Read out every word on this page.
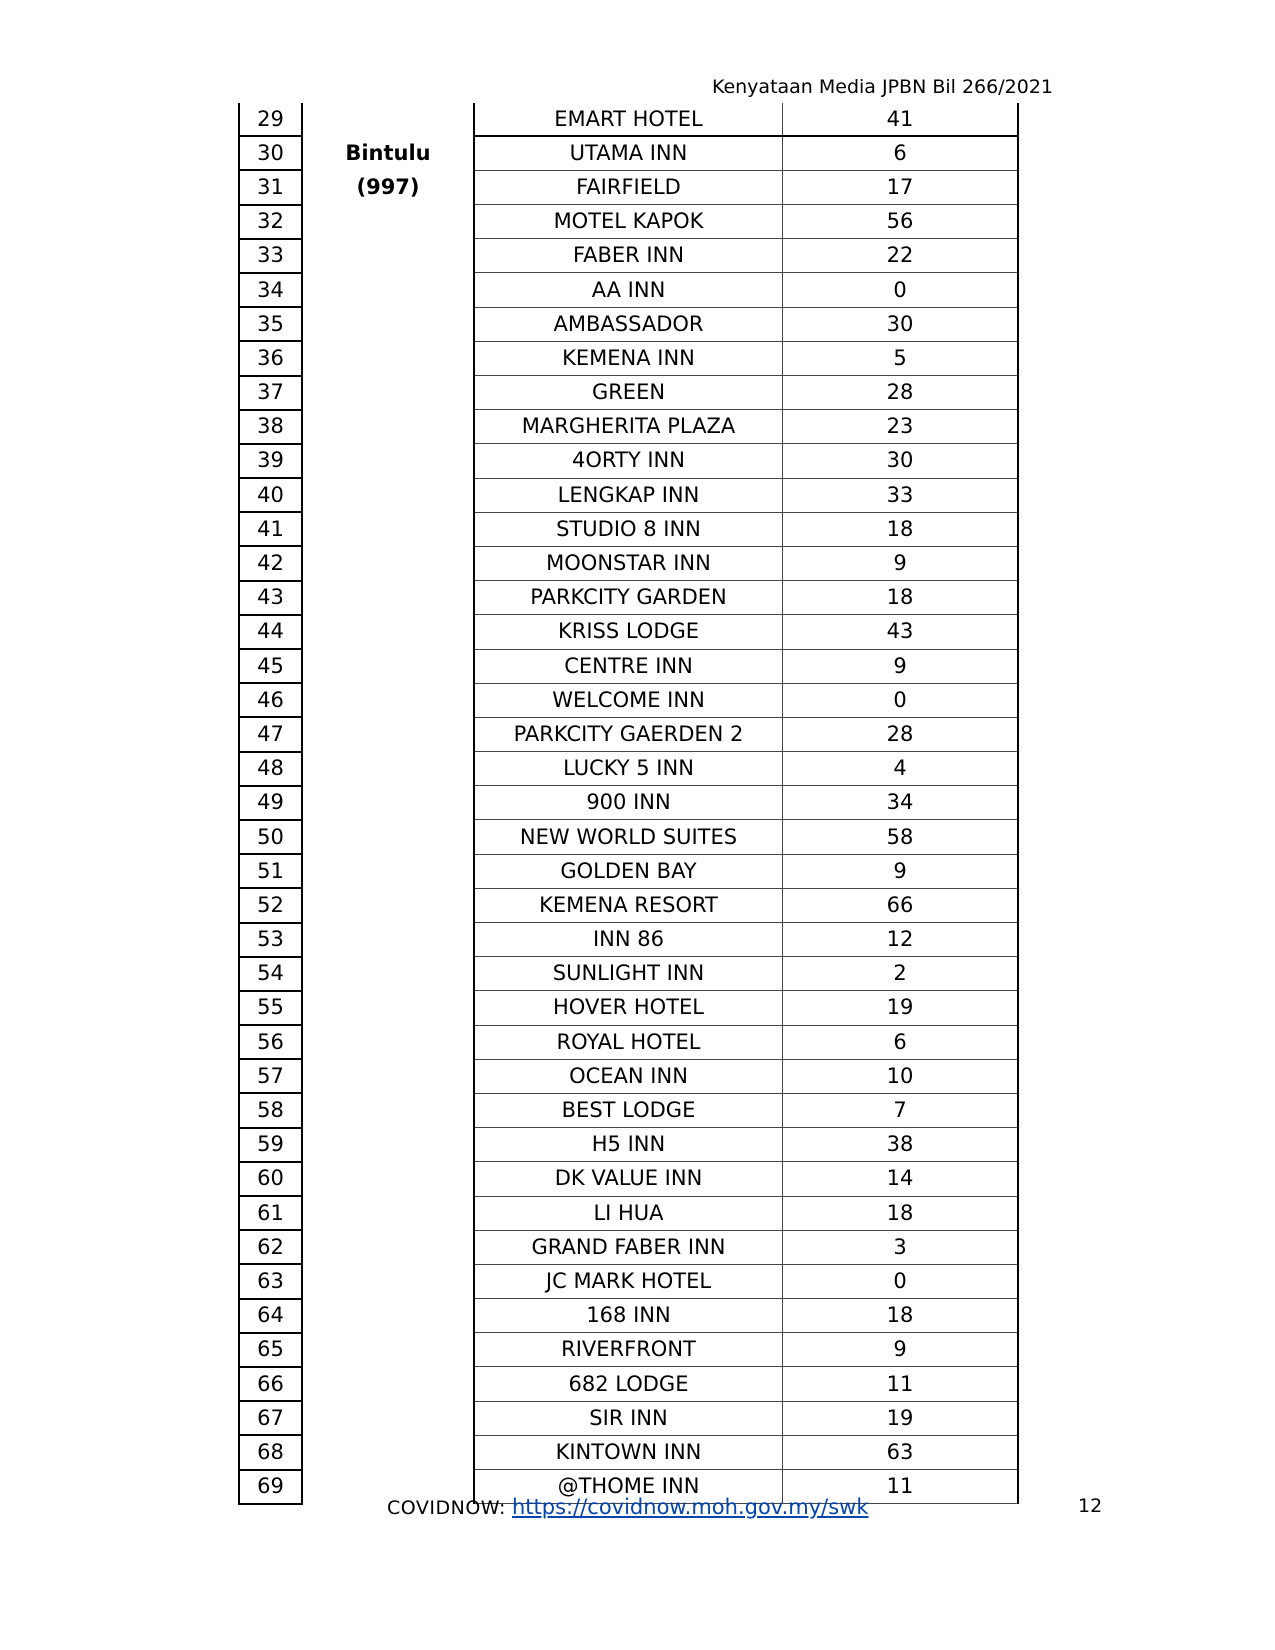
Kenyataan Media JPBN Bil 266/2021
29		EMART HOTEL	41
30	Bintulu	UTAMA INN	6
31	(997)	FAIRFIELD	17
32		MOTEL KAPOK	56
33		FABER INN	22
34		AA INN	0
35		AMBASSADOR	30
36		KEMENA INN	5
37		GREEN	28
38		MARGHERITA PLAZA	23
39		4ORTY INN	30
40		LENGKAP INN	33
41		STUDIO 8 INN	18
42		MOONSTAR INN	9
43		PARKCITY GARDEN	18
44		KRISS LODGE	43
45		CENTRE INN	9
46		WELCOME INN	0
47		PARKCITY GAERDEN 2	28
48		LUCKY 5 INN	4
49		900 INN	34
50		NEW WORLD SUITES	58
51		GOLDEN BAY	9
52		KEMENA RESORT	66
53		INN 86	12
54		SUNLIGHT INN	2
55		HOVER HOTEL	19
56		ROYAL HOTEL	6
57		OCEAN INN	10
58		BEST LODGE	7
59		H5 INN	38
60		DK VALUE INN	14
61		LI HUA	18
62		GRAND FABER INN	3
63		JC MARK HOTEL	0
64		168 INN	18
65		RIVERFRONT	9
66		682 LODGE	11
67		SIR INN	19
68		KINTOWN INN	63
69		@THOME INN	11
COVIDNOW: https://covidnow.moh.gov.my/swk	12
